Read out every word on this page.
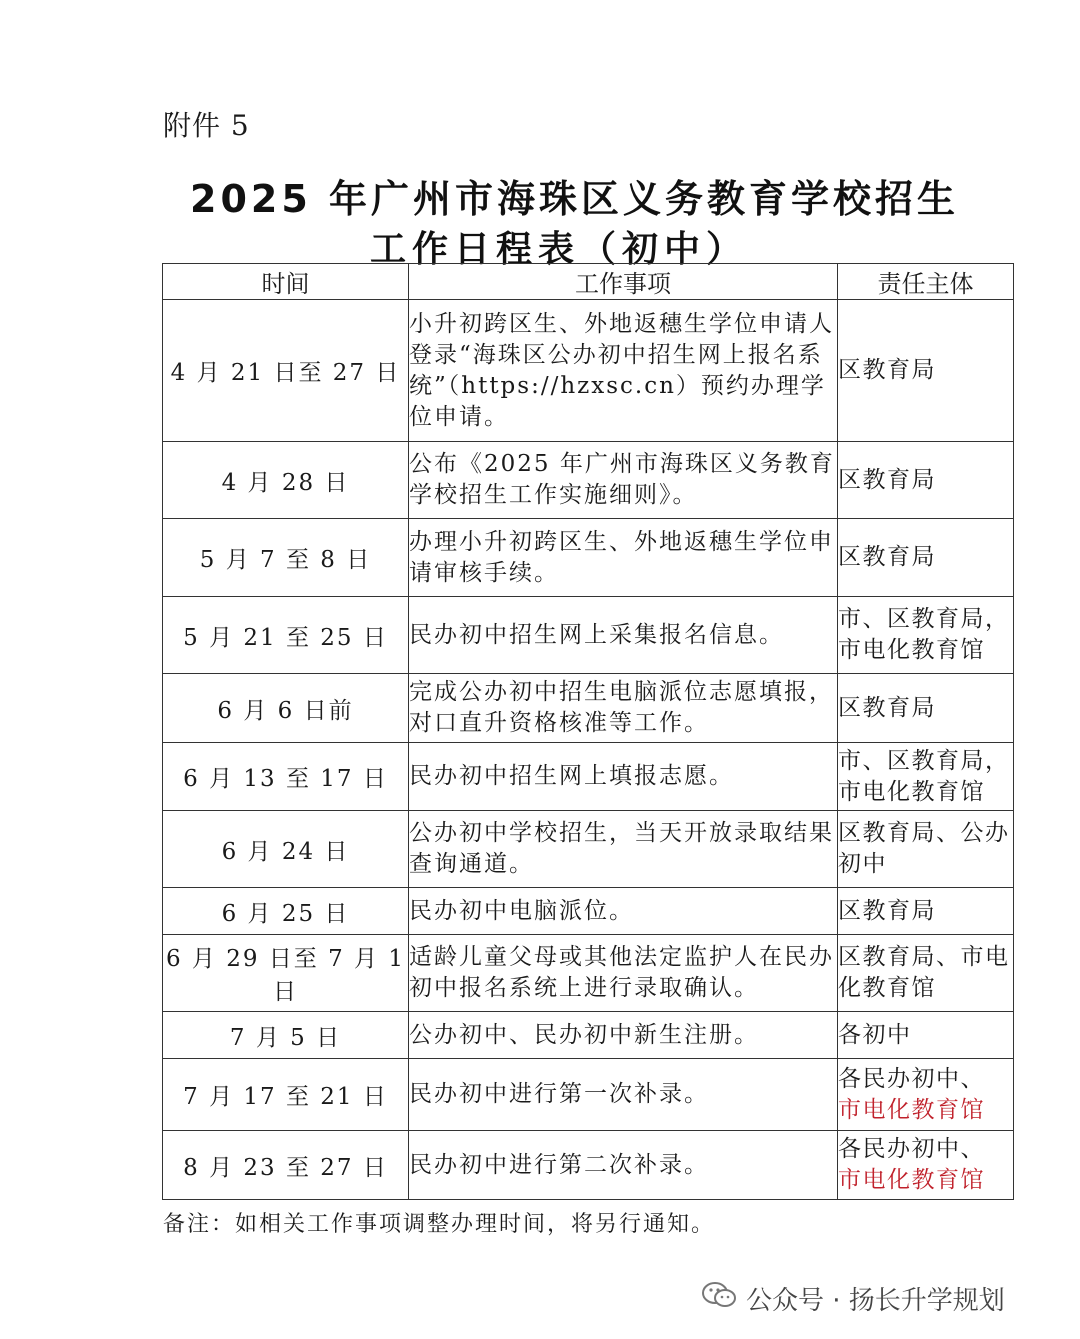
附件 5
2025 年广州市海珠区义务教育学校招生
工作日程表（初中）
时间	工作事项	责任主体
4 月 21 日至 27 日	小升初跨区生、外地返穗生学位申请人登录“海珠区公办初中招生网上报名系统”（https://hzxsc.cn）预约办理学位申请。	区教育局
4 月 28 日	公布《2025 年广州市海珠区义务教育学校招生工作实施细则》。	区教育局
5 月 7 至 8 日	办理小升初跨区生、外地返穗生学位申请审核手续。	区教育局
5 月 21 至 25 日	民办初中招生网上采集报名信息。	市、区教育局，市电化教育馆
6 月 6 日前	完成公办初中招生电脑派位志愿填报，对口直升资格核准等工作。	区教育局
6 月 13 至 17 日	民办初中招生网上填报志愿。	市、区教育局，市电化教育馆
6 月 24 日	公办初中学校招生，当天开放录取结果查询通道。	区教育局、公办初中
6 月 25 日	民办初中电脑派位。	区教育局
6 月 29 日至 7 月 1 日	适龄儿童父母或其他法定监护人在民办初中报名系统上进行录取确认。	区教育局、市电化教育馆
7 月 5 日	公办初中、民办初中新生注册。	各初中
7 月 17 至 21 日	民办初中进行第一次补录。	各民办初中、
市电化教育馆
8 月 23 至 27 日	民办初中进行第二次补录。	各民办初中、
市电化教育馆
备注：如相关工作事项调整办理时间，将另行通知。
公众号 · 扬长升学规划
